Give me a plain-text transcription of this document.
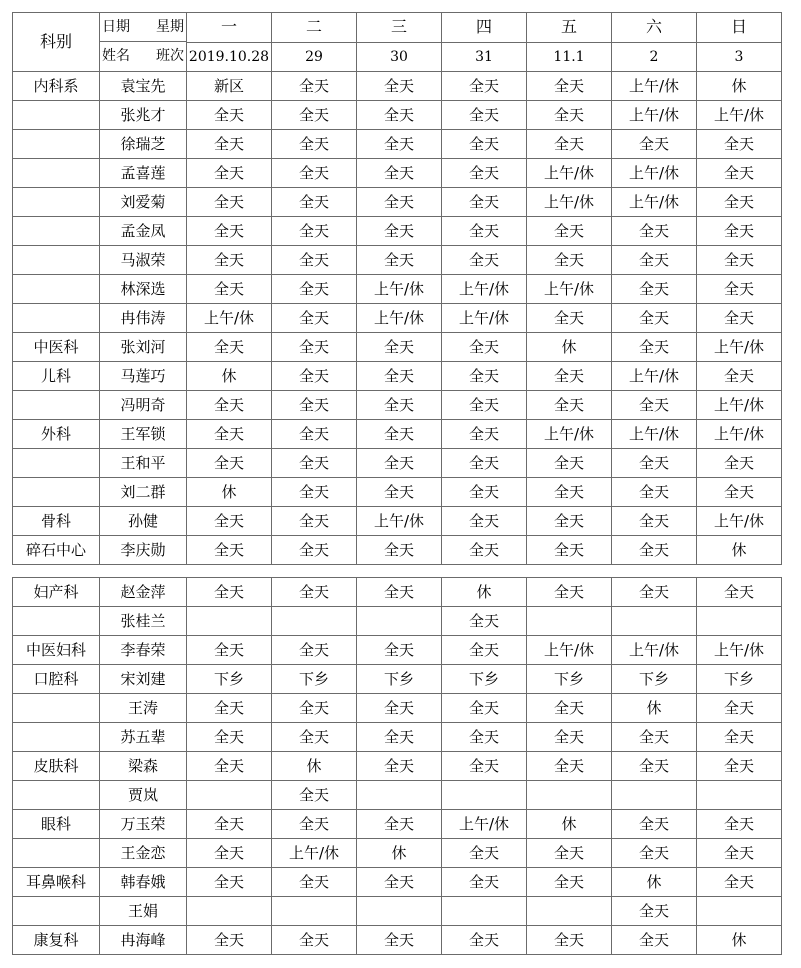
科别	日期 星期
姓名 班次	一	二	三	四	五	六	日
		2019.10.28	29	30	31	11.1	2	3
内科系	袁宝先	新区	全天	全天	全天	全天	上午/休	休
	张兆才	全天	全天	全天	全天	全天	上午/休	上午/休
	徐瑞芝	全天	全天	全天	全天	全天	全天	全天
	孟喜莲	全天	全天	全天	全天	上午/休	上午/休	全天
	刘爱菊	全天	全天	全天	全天	上午/休	上午/休	全天
	孟金凤	全天	全天	全天	全天	全天	全天	全天
	马淑荣	全天	全天	全天	全天	全天	全天	全天
	林深选	全天	全天	上午/休	上午/休	上午/休	全天	全天
	冉伟涛	上午/休	全天	上午/休	上午/休	全天	全天	全天
中医科	张刘河	全天	全天	全天	全天	休	全天	上午/休
儿科	马莲巧	休	全天	全天	全天	全天	上午/休	全天
	冯明奇	全天	全天	全天	全天	全天	全天	上午/休
外科	王军锁	全天	全天	全天	全天	上午/休	上午/休	上午/休
	王和平	全天	全天	全天	全天	全天	全天	全天
	刘二群	休	全天	全天	全天	全天	全天	全天
骨科	孙健	全天	全天	上午/休	全天	全天	全天	上午/休
碎石中心	李庆勋	全天	全天	全天	全天	全天	全天	休
妇产科	赵金萍	全天	全天	全天	休	全天	全天	全天
	张桂兰				全天			
中医妇科	李春荣	全天	全天	全天	全天	上午/休	上午/休	上午/休
口腔科	宋刘建	下乡	下乡	下乡	下乡	下乡	下乡	下乡
	王涛	全天	全天	全天	全天	全天	休	全天
	苏五辈	全天	全天	全天	全天	全天	全天	全天
皮肤科	梁森	全天	休	全天	全天	全天	全天	全天
	贾岚		全天					
眼科	万玉荣	全天	全天	全天	上午/休	休	全天	全天
	王金恋	全天	上午/休	休	全天	全天	全天	全天
耳鼻喉科	韩春娥	全天	全天	全天	全天	全天	休	全天
	王娟						全天	
康复科	冉海峰	全天	全天	全天	全天	全天	全天	休
